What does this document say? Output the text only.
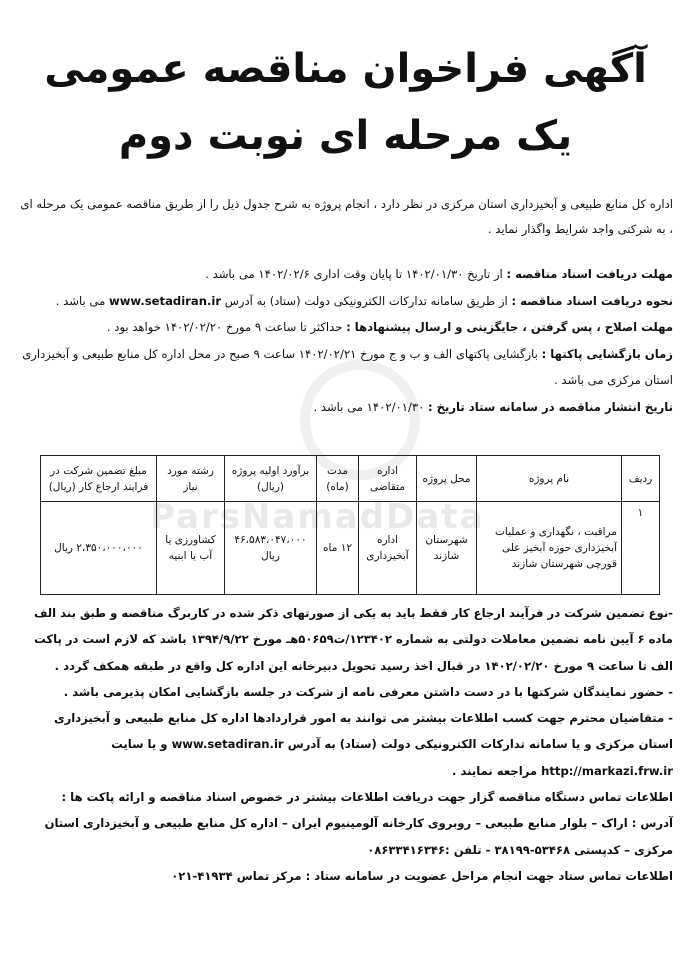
ParsNamadData
آگهی فراخوان مناقصه عمومی
یک مرحله ای نوبت دوم
اداره کل منابع طبیعی و آبخیزداری استان مرکزی در نظر دارد ، انجام پروژه به شرح جدول ذیل را از طریق مناقصه عمومی یک مرحله ای ، به شرکتی واجد شرایط واگذار نماید .
مهلت دریافت اسناد مناقصه : از تاریخ ۱۴۰۲/۰۱/۳۰ تا پایان وقت اداری ۱۴۰۲/۰۲/۶ می باشد .
نحوه دریافت اسناد مناقصه : از طریق سامانه تدارکات الکترونیکی دولت (ستاد) به آدرس www.setadiran.ir می باشد .
مهلت اصلاح ، پس گرفتن ، جایگزینی و ارسال پیشنهادها : حداکثر تا ساعت ۹ مورخ ۱۴۰۲/۰۲/۲۰ خواهد بود .
زمان بازگشایی پاکتها : بازگشایی پاکتهای الف و ب و ج مورخ ۱۴۰۲/۰۲/۲۱ ساعت ۹ صبح در محل اداره کل منابع طبیعی و آبخیزداری استان مرکزی می باشد .
تاریخ انتشار مناقصه در سامانه ستاد تاریخ : ۱۴۰۲/۰۱/۳۰ می باشد .
ردیف	نام پروژه	محل پروژه	اداره متقاضی	مدت (ماه)	برآورد اولیه پروژه (ریال)	رشته مورد نیاز	مبلغ تضمین شرکت در فرایند ارجاع کار (ریال)
۱	مراقبت ، نگهداری و عملیات آبخیزداری حوزه آبخیز علی قورچی شهرستان شازند	شهرستان شازند	اداره آبخیزداری	۱۲ ماه	۴۶،۵۸۳،۰۴۷،۰۰۰ ریال	کشاورزی یا آب یا ابنیه	۲،۳۵۰،۰۰۰،۰۰۰ ریال
-نوع تضمین شرکت در فرآیند ارجاع کار فقط باید به یکی از صورتهای ذکر شده در کاربرگ مناقصه و طبق بند الف ماده ۶ آیین نامه تضمین معاملات دولتی به شماره ۱۲۳۴۰۲/ت۵۰۶۵۹هـ مورخ ۱۳۹۴/۹/۲۲ باشد که لازم است در پاکت الف تا ساعت ۹ مورخ ۱۴۰۲/۰۲/۲۰ در قبال اخذ رسید تحویل دبیرخانه این اداره کل واقع در طبقه همکف گردد .
- حضور نمایندگان شرکتها با در دست داشتن معرفی نامه از شرکت در جلسه بازگشایی امکان پذیرمی باشد .
- متقاضیان محترم جهت کسب اطلاعات بیشتر می توانند به امور قراردادها اداره کل منابع طبیعی و آبخیزداری استان مرکزی و یا سامانه تدارکات الکترونیکی دولت (ستاد) به آدرس www.setadiran.ir و یا سایت http://markazi.frw.ir مراجعه نمایند .
اطلاعات تماس دستگاه مناقصه گزار جهت دریافت اطلاعات بیشتر در خصوص اسناد مناقصه و ارائه پاکت ها :
آدرس : اراک – بلوار منابع طبیعی – روبروی کارخانه آلومینیوم ایران – اداره کل منابع طبیعی و آبخیزداری استان مرکزی – کدپستی ۵۳۴۶۸-۳۸۱۹۹ - تلفن :۰۸۶۳۳۴۱۶۳۴۶
اطلاعات تماس ستاد جهت انجام مراحل عضویت در سامانه ستاد : مرکز تماس ۴۱۹۳۴-۰۲۱
